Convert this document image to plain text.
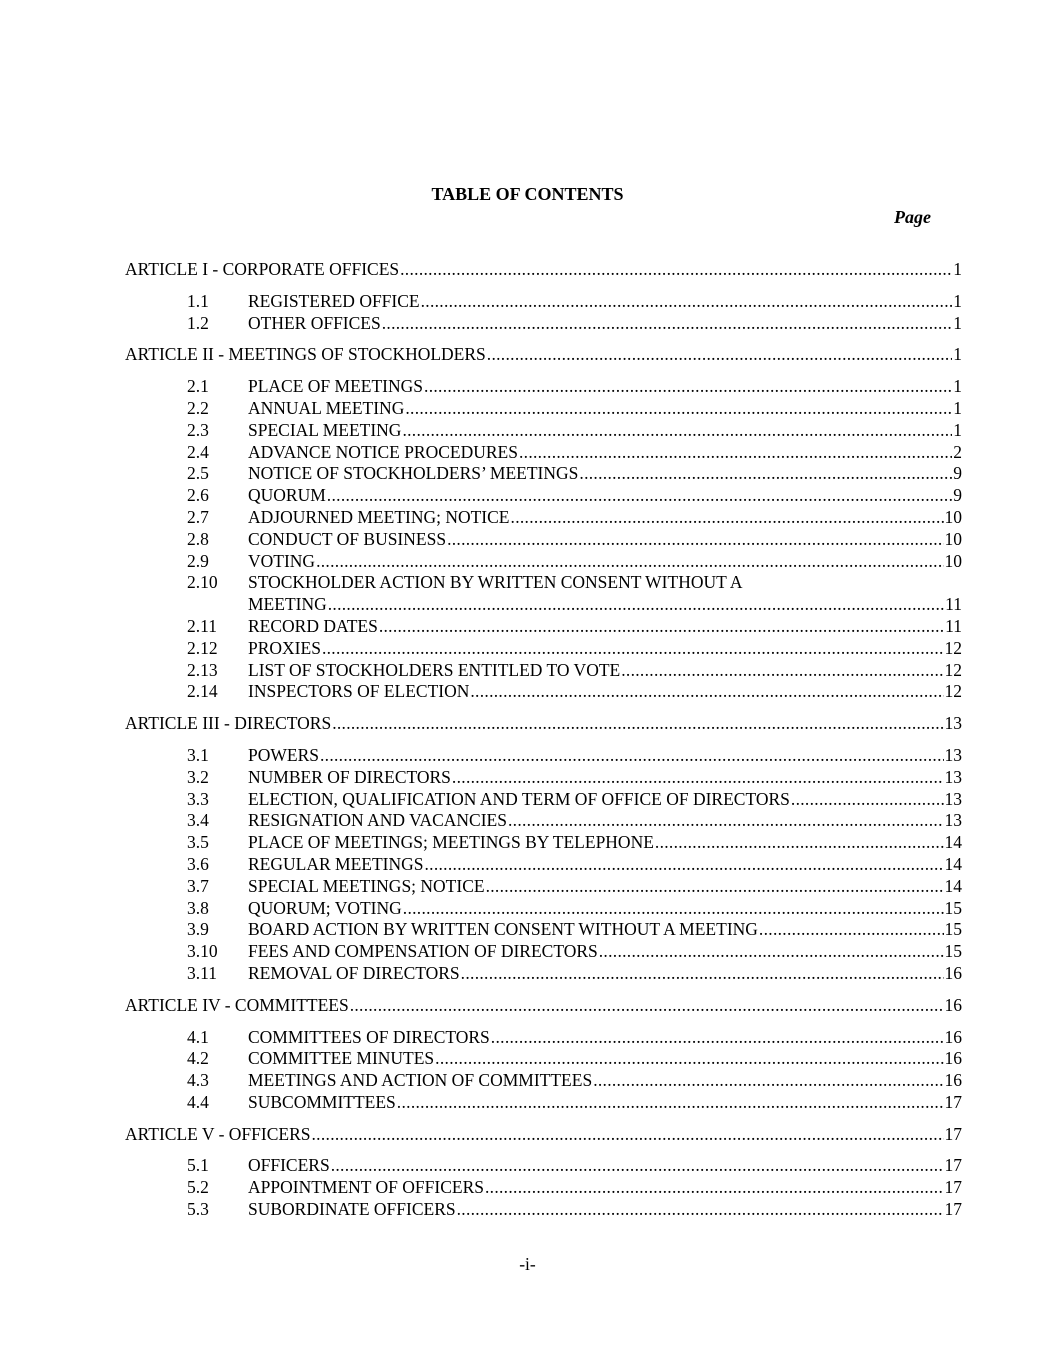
TABLE OF CONTENTS
Page
ARTICLE I - CORPORATE OFFICES .....	1
1.1	REGISTERED OFFICE .....	1
1.2	OTHER OFFICES .....	1
ARTICLE II - MEETINGS OF STOCKHOLDERS .....	1
2.1	PLACE OF MEETINGS .....	1
2.2	ANNUAL MEETING .....	1
2.3	SPECIAL MEETING .....	1
2.4	ADVANCE NOTICE PROCEDURES .....	2
2.5	NOTICE OF STOCKHOLDERS’ MEETINGS .....	9
2.6	QUORUM .....	9
2.7	ADJOURNED MEETING; NOTICE .....	10
2.8	CONDUCT OF BUSINESS .....	10
2.9	VOTING .....	10
2.10	STOCKHOLDER ACTION BY WRITTEN CONSENT WITHOUT A
MEETING .....	11
2.11	RECORD DATES .....	11
2.12	PROXIES .....	12
2.13	LIST OF STOCKHOLDERS ENTITLED TO VOTE .....	12
2.14	INSPECTORS OF ELECTION .....	12
ARTICLE III - DIRECTORS .....	13
3.1	POWERS .....	13
3.2	NUMBER OF DIRECTORS .....	13
3.3	ELECTION, QUALIFICATION AND TERM OF OFFICE OF DIRECTORS .....	13
3.4	RESIGNATION AND VACANCIES .....	13
3.5	PLACE OF MEETINGS; MEETINGS BY TELEPHONE .....	14
3.6	REGULAR MEETINGS .....	14
3.7	SPECIAL MEETINGS; NOTICE .....	14
3.8	QUORUM; VOTING .....	15
3.9	BOARD ACTION BY WRITTEN CONSENT WITHOUT A MEETING .....	15
3.10	FEES AND COMPENSATION OF DIRECTORS .....	15
3.11	REMOVAL OF DIRECTORS .....	16
ARTICLE IV - COMMITTEES .....	16
4.1	COMMITTEES OF DIRECTORS .....	16
4.2	COMMITTEE MINUTES .....	16
4.3	MEETINGS AND ACTION OF COMMITTEES .....	16
4.4	SUBCOMMITTEES .....	17
ARTICLE V - OFFICERS .....	17
5.1	OFFICERS .....	17
5.2	APPOINTMENT OF OFFICERS .....	17
5.3	SUBORDINATE OFFICERS .....	17
-i-
